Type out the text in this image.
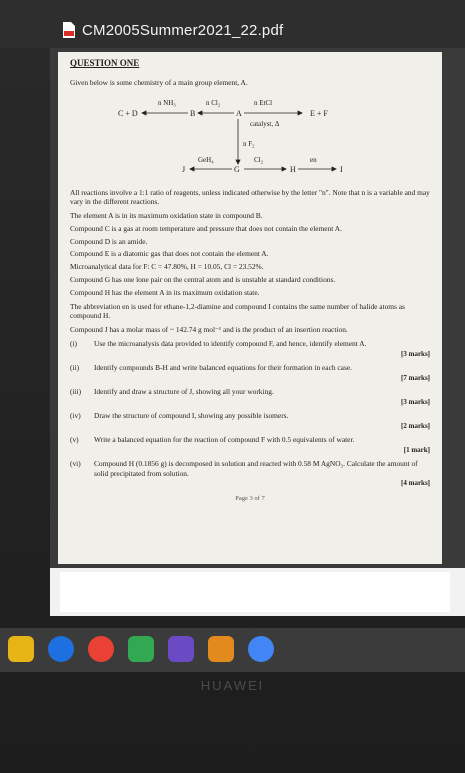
CM2005Summer2021_22.pdf
QUESTION ONE
Given below is some chemistry of a main group element, A.
C + D	B	A	E + F
n NH₃	n Cl₂	n EtCl
catalyst, Δ
n F₂
J	G	H	I
GeH₄	Cl₂	en
All reactions involve a 1:1 ratio of reagents, unless indicated otherwise by the letter "n". Note that n is a variable and may vary in the different reactions.
The element A is in its maximum oxidation state in compound B.
Compound C is a gas at room temperature and pressure that does not contain the element A.
Compound D is an amide.
Compound E is a diatomic gas that does not contain the element A.
Microanalytical data for F: C = 47.80%, H = 10.05, Cl = 23.52%.
Compound G has one lone pair on the central atom and is unstable at standard conditions.
Compound H has the element A in its maximum oxidation state.
The abbreviation en is used for ethane-1,2-diamine and compound I contains the same number of halide atoms as compound H.
Compound J has a molar mass of ~ 142.74 g mol⁻¹ and is the product of an insertion reaction.
(i)	Use the microanalysis data provided to identify compound F, and hence, identify element A.
[3 marks]
(ii)	Identify compounds B-H and write balanced equations for their formation in each case.
[7 marks]
(iii)	Identify and draw a structure of J, showing all your working.
[3 marks]
(iv)	Draw the structure of compound I, showing any possible isomers.
[2 marks]
(v)	Write a balanced equation for the reaction of compound F with 0.5 equivalents of water.
[1 mark]
(vi)	Compound H (0.1856 g) is decomposed in solution and reacted with 0.58 M AgNO₃. Calculate the amount of solid precipitated from solution.
[4 marks]
Page 3 of 7
HUAWEI
